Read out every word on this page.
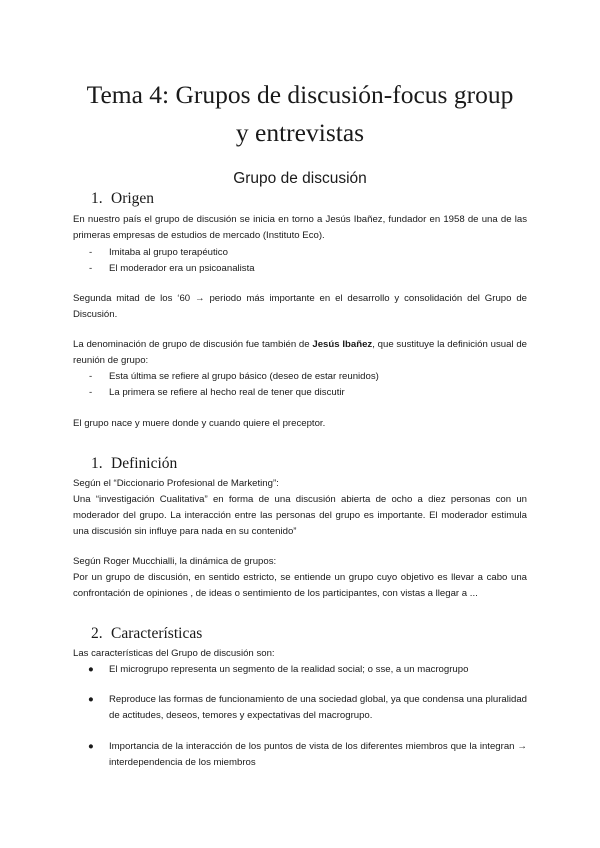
Tema 4: Grupos de discusión-focus group
y entrevistas
Grupo de discusión
1. Origen
En nuestro país el grupo de discusión se inicia en torno a Jesús Ibañez, fundador en 1958 de una de las primeras empresas de estudios de mercado (Instituto Eco).
- Imitaba al grupo terapéutico
- El moderador era un psicoanalista
Segunda mitad de los ‘60 → periodo más importante en el desarrollo y consolidación del Grupo de Discusión.
La denominación de grupo de discusión fue también de Jesús Ibañez, que sustituye la definición usual de reunión de grupo:
- Esta última se refiere al grupo básico (deseo de estar reunidos)
- La primera se refiere al hecho real de tener que discutir
El grupo nace y muere donde y cuando quiere el preceptor.
1. Definición
Según el “Diccionario Profesional de Marketing”:
Una “investigación Cualitativa” en forma de una discusión abierta de ocho a diez personas con un moderador del grupo. La interacción entre las personas del grupo es importante. El moderador estimula una discusión sin influye para nada en su contenido”
Según Roger Mucchialli, la dinámica de grupos:
Por un grupo de discusión, en sentido estricto, se entiende un grupo cuyo objetivo es llevar a cabo una confrontación de opiniones , de ideas o sentimiento de los participantes, con vistas a llegar a ...
2. Características
Las características del Grupo de discusión son:
● El microgrupo representa un segmento de la realidad social; o sse, a un macrogrupo
● Reproduce las formas de funcionamiento de una sociedad global, ya que condensa una pluralidad de actitudes, deseos, temores y expectativas del macrogrupo.
● Importancia de la interacción de los puntos de vista de los diferentes miembros que la integran → interdependencia de los miembros
